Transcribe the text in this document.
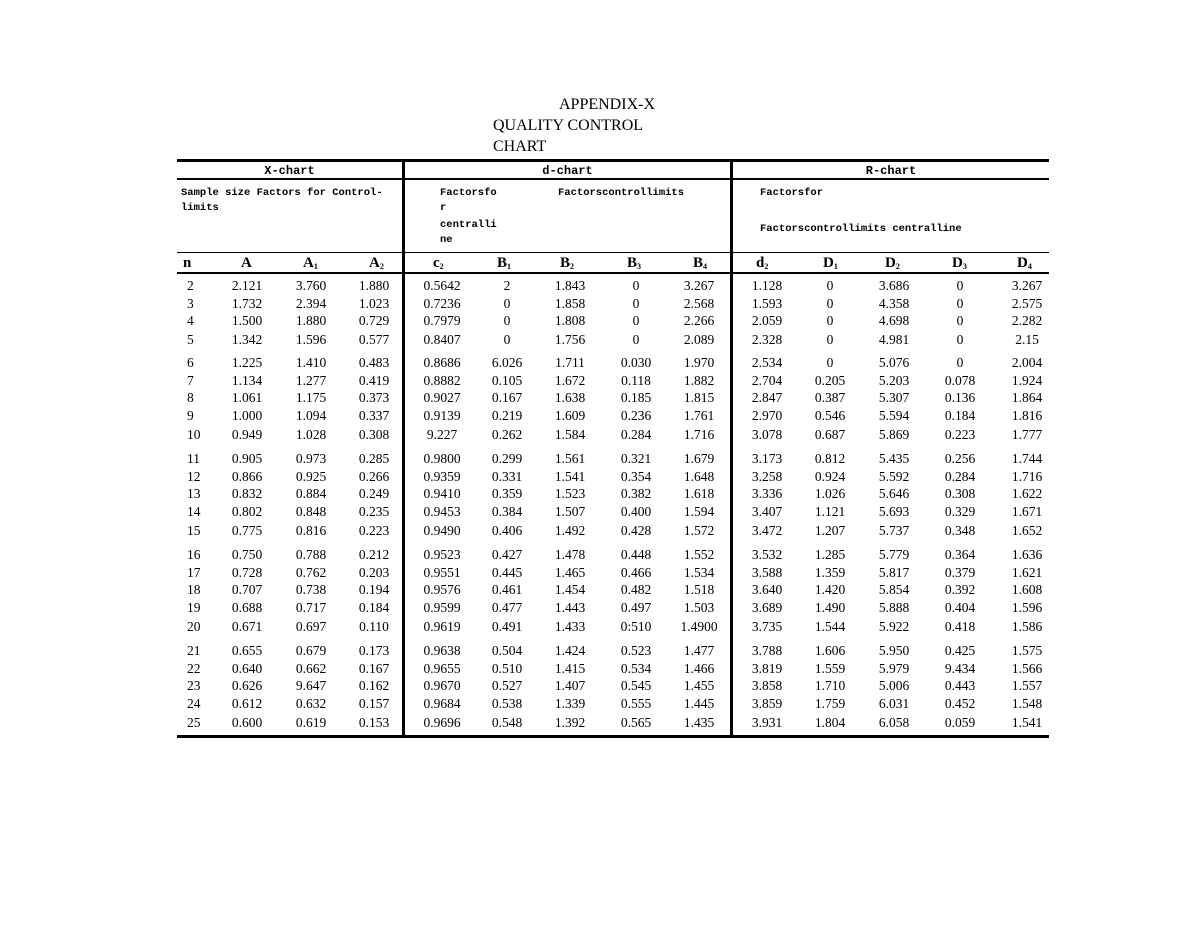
APPENDIX-X
QUALITY CONTROL
CHART
X-chart	d-chart	R-chart
Sample size Factors for Control-
limits
Factorsfo
r
centralli
ne
Factorscontrollimits	Factorsfor
Factorscontrollimits centralline
n	A	$A_1$	$A_2$	$c_2$	$B_1$	$B_2$	$B_3$	$B_4$	$d_2$	$D_1$	$D_2$	$D_3$	$D_4$
2	2.121 3.760 1.880	0.5642	2	1.843	0	3.267	1.128	0	3.686	0	3.267
3	1.732 2.394 1.023	0.7236	0	1.858	0	2.568	1.593	0	4.358	0	2.575
4	1.500 1.880 0.729	0.7979	0	1.808	0	2.266	2.059	0	4.698	0	2.282
5	1.342 1.596 0.577	0.8407	0	1.756	0	2.089	2.328	0	4.981	0	2.15
6	1.225 1.410 0.483	0.8686 6.026 1.711	0.030 1.970	2.534	0	5.076	0	2.004
7	1.134 1.277 0.419	0.8882 0.105 1.672	0.118 1.882	2.704 0.205 5.203	0.078	1.924
8	1.061 1.175 0.373	0.9027 0.167 1.638	0.185 1.815	2.847 0.387 5.307	0.136	1.864
9	1.000 1.094 0.337	0.9139 0.219 1.609	0.236 1.761	2.970 0.546 5.594	0.184	1.816
10 0.949 1.028 0.308	9.227	0.262 1.584	0.284 1.716	3.078 0.687 5.869	0.223	1.777
11 0.905 0.973 0.285	0.9800 0.299 1.561	0.321 1.679	3.173 0.812 5.435	0.256	1.744
12 0.866 0.925 0.266	0.9359 0.331 1.541	0.354 1.648	3.258 0.924 5.592	0.284	1.716
13 0.832 0.884 0.249	0.9410 0.359 1.523	0.382 1.618	3.336 1.026 5.646	0.308	1.622
14 0.802 0.848 0.235	0.9453 0.384 1.507	0.400 1.594	3.407 1.121 5.693	0.329	1.671
15 0.775 0.816 0.223	0.9490 0.406 1.492	0.428 1.572	3.472 1.207 5.737	0.348	1.652
16 0.750 0.788 0.212	0.9523 0.427 1.478	0.448 1.552	3.532 1.285 5.779	0.364	1.636
17 0.728 0.762 0.203	0.9551 0.445 1.465	0.466 1.534	3.588 1.359 5.817	0.379	1.621
18 0.707 0.738 0.194	0.9576 0.461 1.454	0.482 1.518	3.640 1.420 5.854	0.392	1.608
19 0.688 0.717 0.184	0.9599 0.477 1.443	0.497 1.503	3.689 1.490 5.888	0.404	1.596
20 0.671 0.697 0.110	0.9619 0.491 1.433	0:510 1.4900	3.735 1.544 5.922	0.418	1.586
21 0.655 0.679 0.173	0.9638 0.504 1.424	0.523 1.477	3.788 1.606 5.950	0.425	1.575
22 0.640 0.662 0.167	0.9655 0.510 1.415	0.534 1.466	3.819 1.559 5.979	9.434	1.566
23 0.626 9.647 0.162	0.9670 0.527 1.407	0.545 1.455	3.858 1.710 5.006	0.443	1.557
24 0.612 0.632 0.157	0.9684 0.538 1.339	0.555 1.445	3.859 1.759 6.031	0.452	1.548
25 0.600 0.619 0.153	0.9696 0.548 1.392	0.565 1.435	3.931 1.804 6.058	0.059	1.541
